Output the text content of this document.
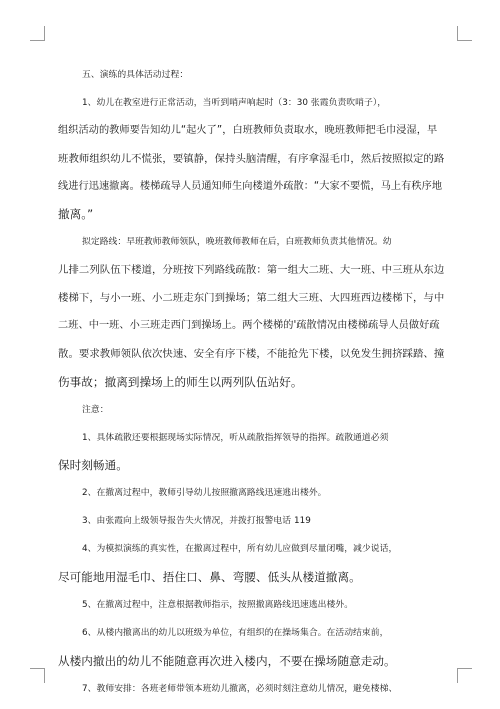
五、演练的具体活动过程：
1、幼儿在教室进行正常活动，当听到哨声响起时（3：30 张霞负责吹哨子），
组织活动的教师要告知幼儿“起火了”，白班教师负责取水，晚班教师把毛巾浸湿，早
班教师组织幼儿不慌张，要镇静，保持头脑清醒，有序拿湿毛巾，然后按照拟定的路
线进行迅速撤离。楼梯疏导人员通知师生向楼道外疏散：“大家不要慌，马上有秩序地
撤离。”
拟定路线：早班教师教师领队，晚班教师教师在后，白班教师负责其他情况。幼
儿排二列队伍下楼道，分班按下列路线疏散：第一组大二班、大一班、中三班从东边
楼梯下，与小一班、小二班走东门到操场；第二组大三班、大四班西边楼梯下，与中
二班、中一班、小三班走西门到操场上。两个楼梯的'疏散情况由楼梯疏导人员做好疏
散。要求教师领队依次快速、安全有序下楼，不能抢先下楼，以免发生拥挤踩踏、撞
伤事故；撤离到操场上的师生以两列队伍站好。
注意：
1、具体疏散还要根据现场实际情况，听从疏散指挥领导的指挥。疏散通道必须
保时刻畅通。
2、在撤离过程中，教师引导幼儿按照撤离路线迅速逃出楼外。
3、由张霞向上级领导报告失火情况，并拨打报警电话 119
4、为模拟演练的真实性，在撤离过程中，所有幼儿应做到尽量闭嘴，减少说话，
尽可能地用湿毛巾、捂住口、鼻、弯腰、低头从楼道撤离。
5、在撤离过程中，注意根据教师指示，按照撤离路线迅速逃出楼外。
6、从楼内撤离出的幼儿以班级为单位，有组织的在操场集合。在活动结束前，
从楼内撤出的幼儿不能随意再次进入楼内，不要在操场随意走动。
7、教师安排：各班老师带领本班幼儿撤离，必须时刻注意幼儿情况，避免楼梯、
